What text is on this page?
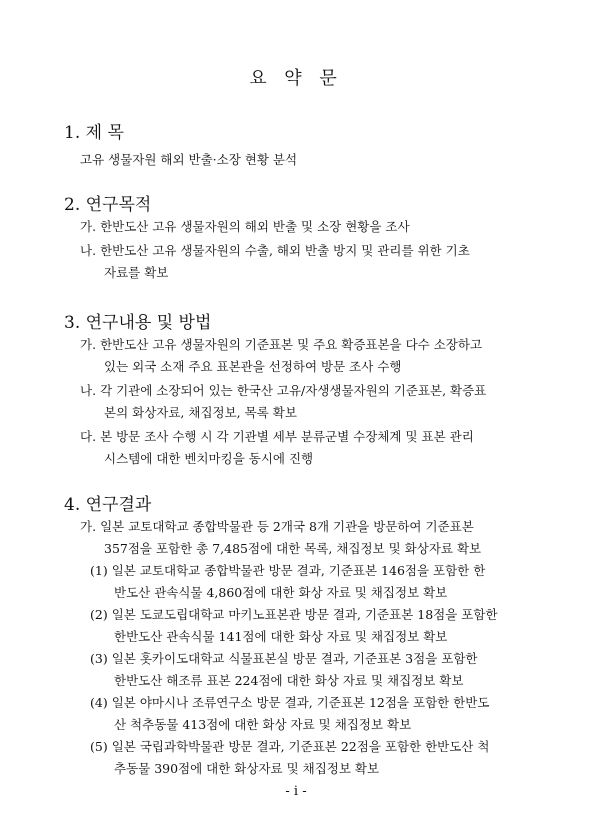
요 약 문
1. 제 목
고유 생물자원 해외 반출·소장 현황 분석
2. 연구목적
가. 한반도산 고유 생물자원의 해외 반출 및 소장 현황을 조사
나. 한반도산 고유 생물자원의 수출, 해외 반출 방지 및 관리를 위한 기초
자료를 확보
3. 연구내용 및 방법
가. 한반도산 고유 생물자원의 기준표본 및 주요 확증표본을 다수 소장하고
있는 외국 소재 주요 표본관을 선정하여 방문 조사 수행
나. 각 기관에 소장되어 있는 한국산 고유/자생생물자원의 기준표본, 확증표
본의 화상자료, 채집정보, 목록 확보
다. 본 방문 조사 수행 시 각 기관별 세부 분류군별 수장체계 및 표본 관리
시스템에 대한 벤치마킹을 동시에 진행
4. 연구결과
가. 일본 교토대학교 종합박물관 등 2개국 8개 기관을 방문하여 기준표본
357점을 포함한 총 7,485점에 대한 목록, 채집정보 및 화상자료 확보
(1) 일본 교토대학교 종합박물관 방문 결과, 기준표본 146점을 포함한 한
반도산 관속식물 4,860점에 대한 화상 자료 및 채집정보 확보
(2) 일본 도쿄도립대학교 마키노표본관 방문 결과, 기준표본 18점을 포함한
한반도산 관속식물 141점에 대한 화상 자료 및 채집정보 확보
(3) 일본 홋카이도대학교 식물표본실 방문 결과, 기준표본 3점을 포함한
한반도산 해조류 표본 224점에 대한 화상 자료 및 채집정보 확보
(4) 일본 야마시나 조류연구소 방문 결과, 기준표본 12점을 포함한 한반도
산 척추동물 413점에 대한 화상 자료 및 채집정보 확보
(5) 일본 국립과학박물관 방문 결과, 기준표본 22점을 포함한 한반도산 척
추동물 390점에 대한 화상자료 및 채집정보 확보
- i -
